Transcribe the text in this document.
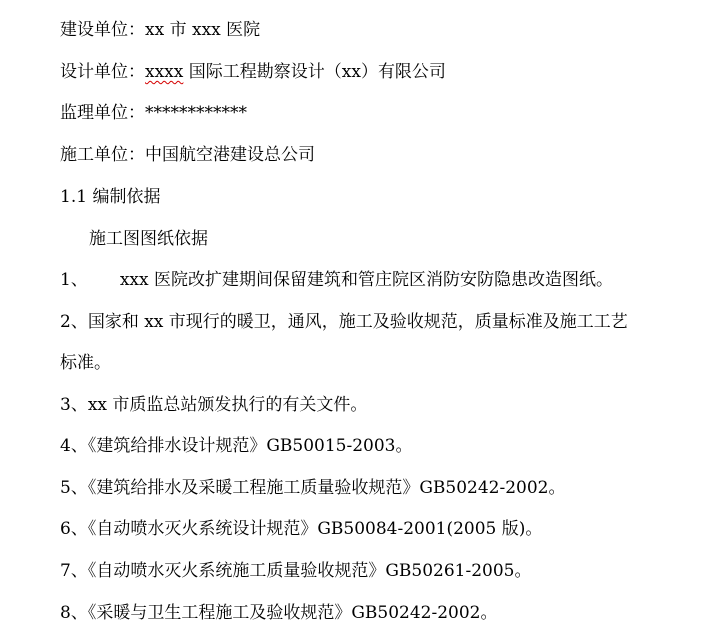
建设单位：xx 市 xxx 医院
设计单位：xxxx 国际工程勘察设计（xx）有限公司
监理单位：************
施工单位：中国航空港建设总公司
1.1 编制依据
施工图图纸依据
1、 xxx 医院改扩建期间保留建筑和管庄院区消防安防隐患改造图纸。
2、国家和 xx 市现行的暖卫，通风，施工及验收规范，质量标准及施工工艺
标准。
3、xx 市质监总站颁发执行的有关文件。
4、《建筑给排水设计规范》GB50015-2003。
5、《建筑给排水及采暖工程施工质量验收规范》GB50242-2002。
6、《自动喷水灭火系统设计规范》GB50084-2001(2005 版)。
7、《自动喷水灭火系统施工质量验收规范》GB50261-2005。
8、《采暖与卫生工程施工及验收规范》GB50242-2002。
